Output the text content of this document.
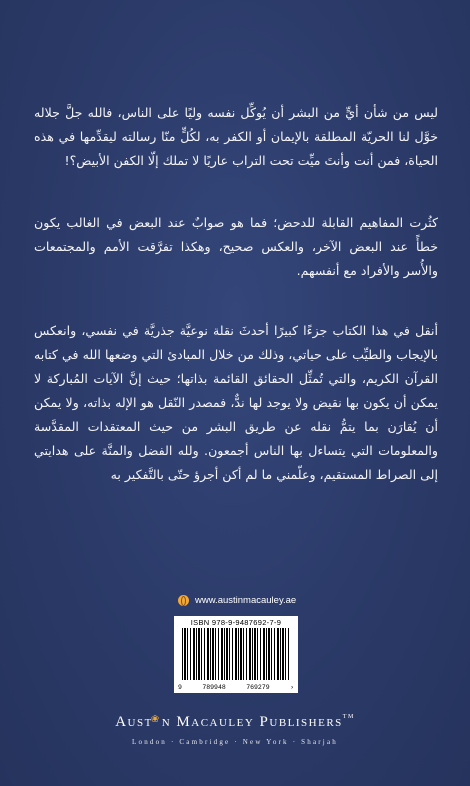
ليس من شأن أيٍّ من البشر أن يُوكِّل نفسه وليًا على الناس، فالله جلَّ جلاله خوَّل لنا الحريّة المطلقة بالإيمان أو الكفر به، لكُلٍّ منّا رسالته ليقدِّمها في هذه الحياة، فمن أنت وأنتَ ميِّت تحت التراب عاريًا لا تملك إلّا الكفن الأبيض؟!

كثُرت المفاهيم القابلة للدحض؛ فما هو صوابٌ عند البعض في الغالب يكون خطأً عند البعض الآخر، والعكس صحيح، وهكذا تفرَّقت الأمم والمجتمعات والأُسر والأفراد مع أنفسهم.

أنقل في هذا الكتاب جزءًا كبيرًا أحدثَ نقلة نوعيَّة جذريَّة في نفسي، وانعكس بالإيجاب والطيِّب على حياتي، وذلك من خلال المبادئ التي وضعها الله في كتابه القرآن الكريم، والتي تُمثِّل الحقائق القائمة بذاتها؛ حيث إنَّ الآيات المُباركة لا يمكن أن يكون بها نقيض ولا يوجد لها ندٌّ، فمصدر النّقل هو الإله بذاته، ولا يمكن أن يُقارَن بما يتمُّ نقله عن طريق البشر من حيث المعتقدات المقدَّسة والمعلومات التي يتساءل بها الناس أجمعون. ولله الفضل والمنَّة على هدايتي إلى الصراط المستقيم، وعلّمني ما لم أكن أجرؤ حتّى بالتَّفكير به

www.austinmacauley.ae
ISBN 978-9-9487692-7-9
9	789948	769279	›
Aust❀n Macauley Publishers™
London · Cambridge · New York · Sharjah
